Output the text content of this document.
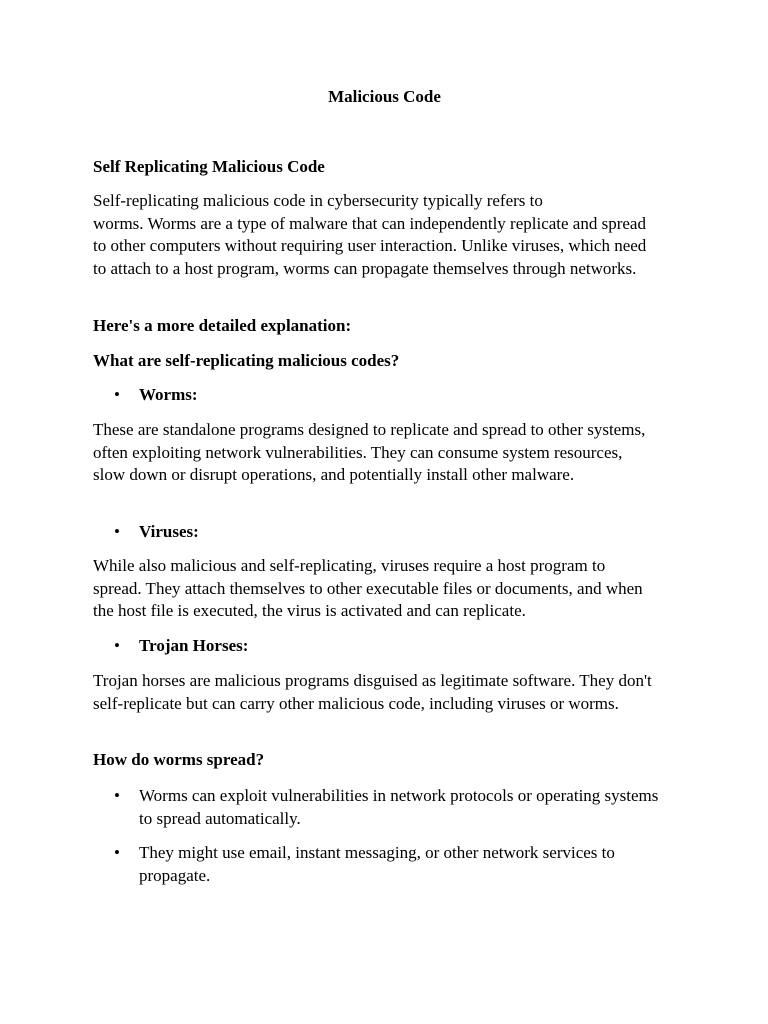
Malicious Code

Self Replicating Malicious Code

Self-replicating malicious code in cybersecurity typically refers to
worms. Worms are a type of malware that can independently replicate and spread to other computers without requiring user interaction. Unlike viruses, which need to attach to a host program, worms can propagate themselves through networks.

Here's a more detailed explanation:

What are self-replicating malicious codes?

• Worms:

These are standalone programs designed to replicate and spread to other systems, often exploiting network vulnerabilities. They can consume system resources, slow down or disrupt operations, and potentially install other malware.

• Viruses:

While also malicious and self-replicating, viruses require a host program to spread. They attach themselves to other executable files or documents, and when the host file is executed, the virus is activated and can replicate.

• Trojan Horses:

Trojan horses are malicious programs disguised as legitimate software. They don't self-replicate but can carry other malicious code, including viruses or worms.

How do worms spread?

• Worms can exploit vulnerabilities in network protocols or operating systems to spread automatically.
• They might use email, instant messaging, or other network services to propagate.
